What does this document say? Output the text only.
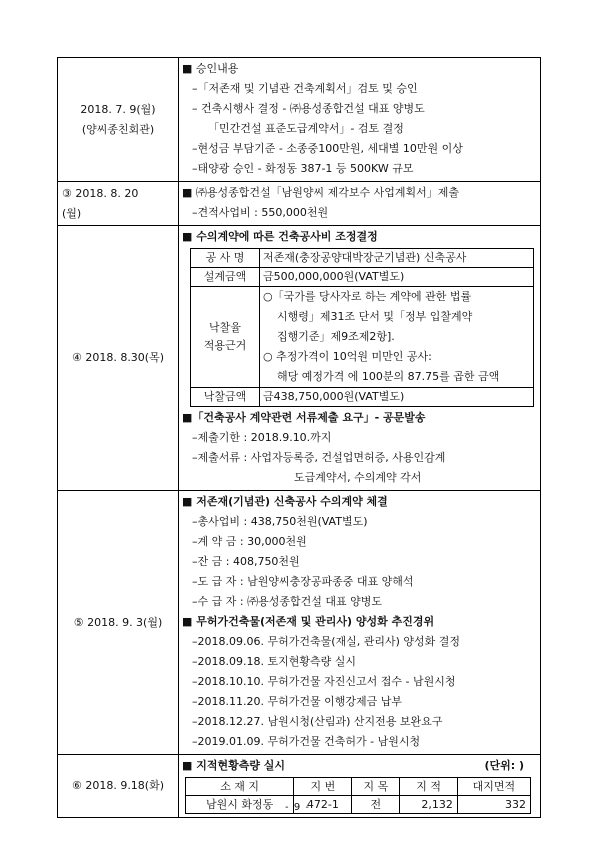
2018. 7. 9(월)
(양씨종친회관)

■ 승인내용
–「저존재 및 기념관 건축계획서」검토 및 승인
– 건축시행사 결정 - ㈜용성종합건설 대표 양병도
「민간건설 표준도급계약서」- 검토 결정
–현성금 부담기준 - 소종중100만원, 세대별 10만원 이상
–태양광 승인 - 화정동 387-1 등 500KW 규모

③ 2018. 8. 20
(월)

■ ㈜용성종합건설「남원양씨 제각보수 사업계획서」제출
–견적사업비 : 550,000천원

④ 2018. 8.30(목)

■ 수의계약에 따른 건축공사비 조정결정
공 사 명	저존재(충장공양대박장군기념관) 신축공사
설계금액	금500,000,000원(VAT별도)

낙찰율
적용근거

○「국가를 당사자로 하는 계약에 관한 법률
시행령」제31조 단서 및「정부 입찰계약
집행기준」제9조제2항].
○ 추정가격이 10억원 미만인 공사:
해당 예정가격 에 100분의 87.75를 곱한 금액

낙찰금액	금438,750,000원(VAT별도)
■「건축공사 계약관련 서류제출 요구」- 공문발송
–제출기한 : 2018.9.10.까지
–제출서류 : 사업자등록증, 건설업면허증, 사용인감계
도급계약서, 수의계약 각서

⑤ 2018. 9. 3(월)

■ 저존재(기념관) 신축공사 수의계약 체결
–총사업비 : 438,750천원(VAT별도)
–계 약 금 : 30,000천원
–잔 금 : 408,750천원
–도 급 자 : 남원양씨충장공파종중 대표 양해석
–수 급 자 : ㈜용성종합건설 대표 양병도
■ 무허가건축물(저존재 및 관리사) 양성화 추진경위
–2018.09.06. 무허가건축물(재실, 관리사) 양성화 결정
–2018.09.18. 토지현황측량 실시
–2018.10.10. 무허가건물 자진신고서 접수 - 남원시청
–2018.11.20. 무허가건물 이행강제금 납부
–2018.12.27. 남원시청(산림과) 산지전용 보완요구
–2019.01.09. 무허가건물 건축허가 - 남원시청

⑥ 2018. 9.18(화)

■ 지적현황측량 실시	(단위: )
소 재 지	지 번	지 목	지 적	대지면적
남원시 화정동	472-1	전	2,132	332
- 9 -
